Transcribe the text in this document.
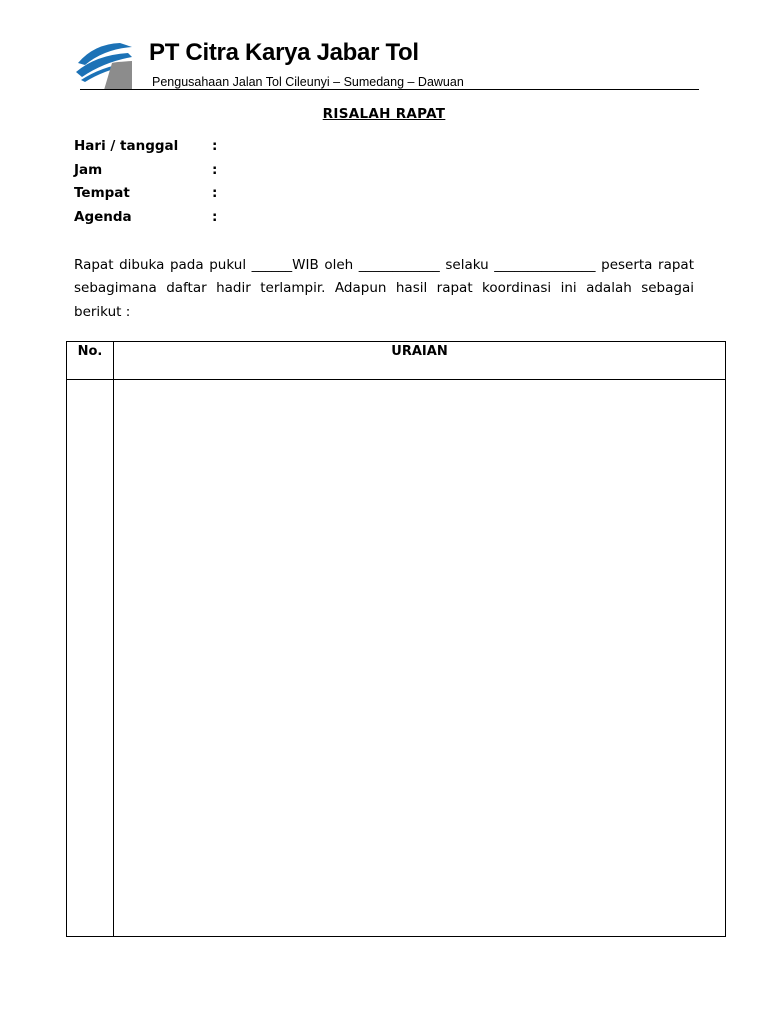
PT Citra Karya Jabar Tol
Pengusahaan Jalan Tol Cileunyi – Sumedang – Dawuan
RISALAH RAPAT
Hari / tanggal :
Jam	:
Tempat	:
Agenda	:

Rapat dibuka pada pukul ______WIB oleh ____________ selaku _______________ peserta rapat sebagimana daftar hadir terlampir. Adapun hasil rapat koordinasi ini adalah sebagai berikut :

No.	URAIAN
